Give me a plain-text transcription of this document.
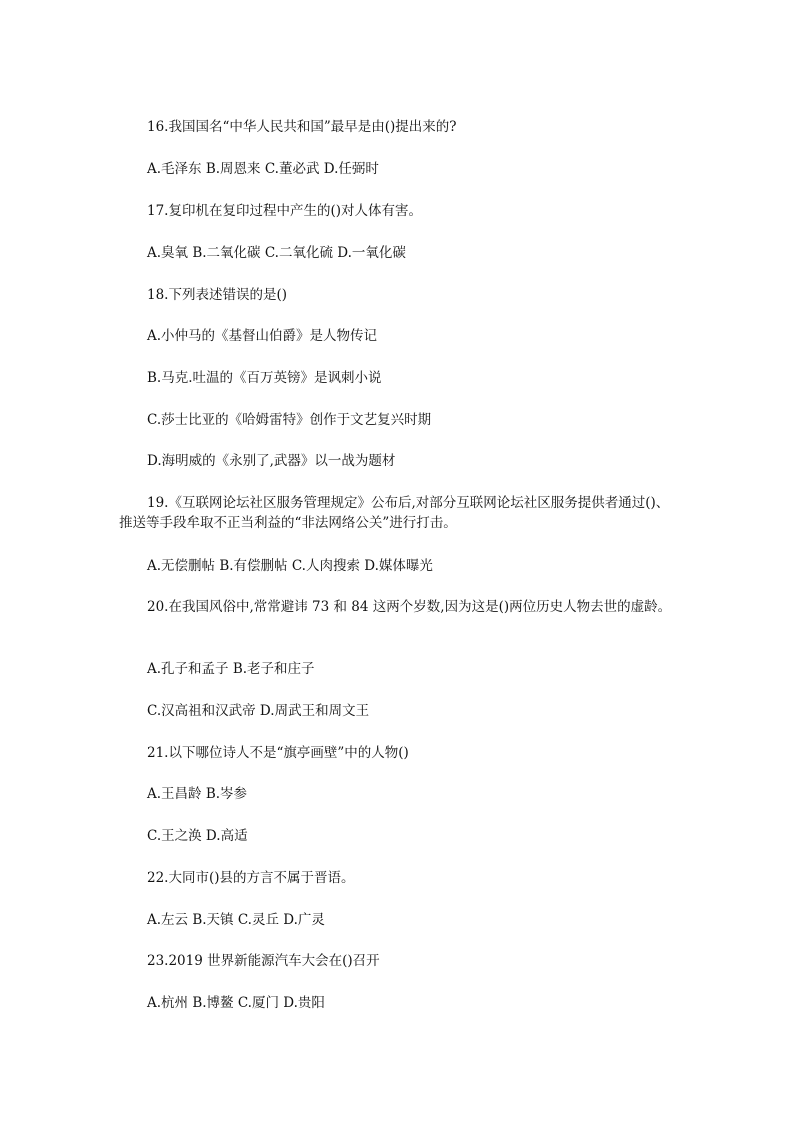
16.我国国名“中华人民共和国”最早是由()提出来的?
A.毛泽东 B.周恩来 C.董必武 D.任弼时
17.复印机在复印过程中产生的()对人体有害。
A.臭氧 B.二氧化碳 C.二氧化硫 D.一氧化碳
18.下列表述错误的是()
A.小仲马的《基督山伯爵》是人物传记
B.马克.吐温的《百万英镑》是讽刺小说
C.莎士比亚的《哈姆雷特》创作于文艺复兴时期
D.海明威的《永别了,武器》以一战为题材
19.《互联网论坛社区服务管理规定》公布后,对部分互联网论坛社区服务提供者通过()、
推送等手段牟取不正当利益的“非法网络公关”进行打击。
A.无偿删帖 B.有偿删帖 C.人肉搜索 D.媒体曝光
20.在我国风俗中,常常避讳 73 和 84 这两个岁数,因为这是()两位历史人物去世的虚龄。
A.孔子和孟子 B.老子和庄子
C.汉高祖和汉武帝 D.周武王和周文王
21.以下哪位诗人不是“旗亭画壁”中的人物()
A.王昌龄 B.岑参
C.王之涣 D.高适
22.大同市()县的方言不属于晋语。
A.左云 B.天镇 C.灵丘 D.广灵
23.2019 世界新能源汽车大会在()召开
A.杭州 B.博鳌 C.厦门 D.贵阳
